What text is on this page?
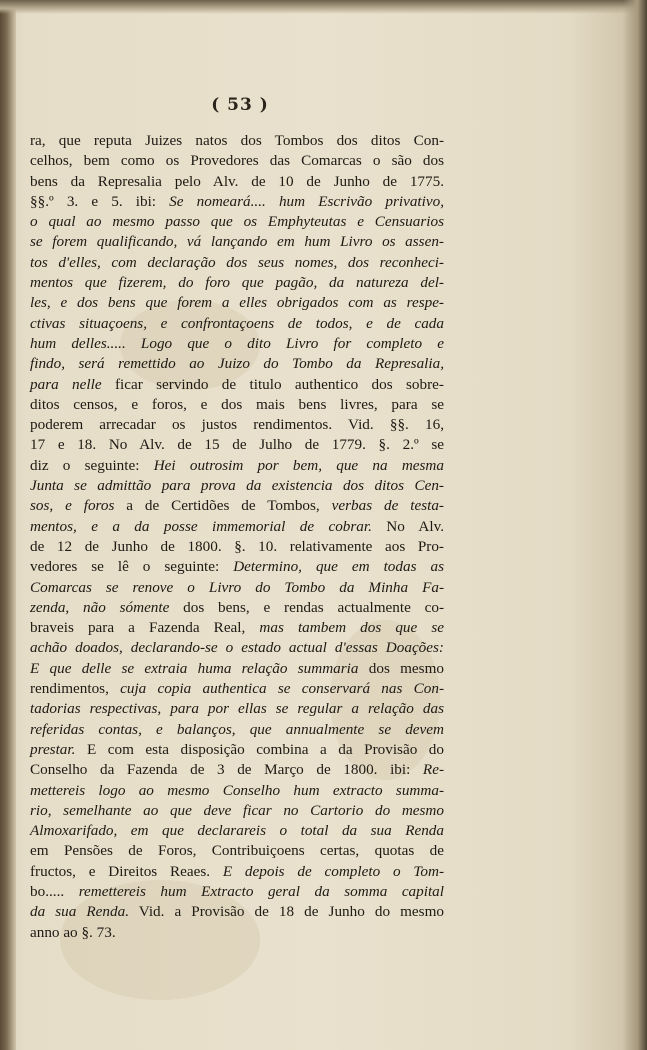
( 53 )
ra, que reputa Juizes natos dos Tombos dos ditos Con-
celhos, bem como os Provedores das Comarcas o são dos
bens da Represalia pelo Alv. de 10 de Junho de 1775.
§§.º 3. e 5. ibi: Se nomeará.... hum Escrivão privativo,
o qual ao mesmo passo que os Emphyteutas e Censuarios
se forem qualificando, vá lançando em hum Livro os assen-
tos d'elles, com declaração dos seus nomes, dos reconheci-
mentos que fizerem, do foro que pagão, da natureza del-
les, e dos bens que forem a elles obrigados com as respe-
ctivas situaçoens, e confrontaçoens de todos, e de cada
hum delles..... Logo que o dito Livro for completo e
findo, será remettido ao Juizo do Tombo da Represalia,
para nelle ficar servindo de titulo authentico dos sobre-
ditos censos, e foros, e dos mais bens livres, para se
poderem arrecadar os justos rendimentos. Vid. §§. 16,
17 e 18. No Alv. de 15 de Julho de 1779. §. 2.º se
diz o seguinte: Hei outrosim por bem, que na mesma
Junta se admittão para prova da existencia dos ditos Cen-
sos, e foros a de Certidões de Tombos, verbas de testa-
mentos, e a da posse immemorial de cobrar. No Alv.
de 12 de Junho de 1800. §. 10. relativamente aos Pro-
vedores se lê o seguinte: Determino, que em todas as
Comarcas se renove o Livro do Tombo da Minha Fa-
zenda, não sómente dos bens, e rendas actualmente co-
braveis para a Fazenda Real, mas tambem dos que se
achão doados, declarando-se o estado actual d'essas Doações:
E que delle se extraia huma relação summaria dos mesmo
rendimentos, cuja copia authentica se conservará nas Con-
tadorias respectivas, para por ellas se regular a relação das
referidas contas, e balanços, que annualmente se devem
prestar. E com esta disposição combina a da Provisão do
Conselho da Fazenda de 3 de Março de 1800. ibi: Re-
mettereis logo ao mesmo Conselho hum extracto summa-
rio, semelhante ao que deve ficar no Cartorio do mesmo
Almoxarifado, em que declarareis o total da sua Renda
em Pensões de Foros, Contribuiçoens certas, quotas de
fructos, e Direitos Reaes. E depois de completo o Tom-
bo..... remettereis hum Extracto geral da somma capital
da sua Renda. Vid. a Provisão de 18 de Junho do mesmo
anno ao §. 73.
